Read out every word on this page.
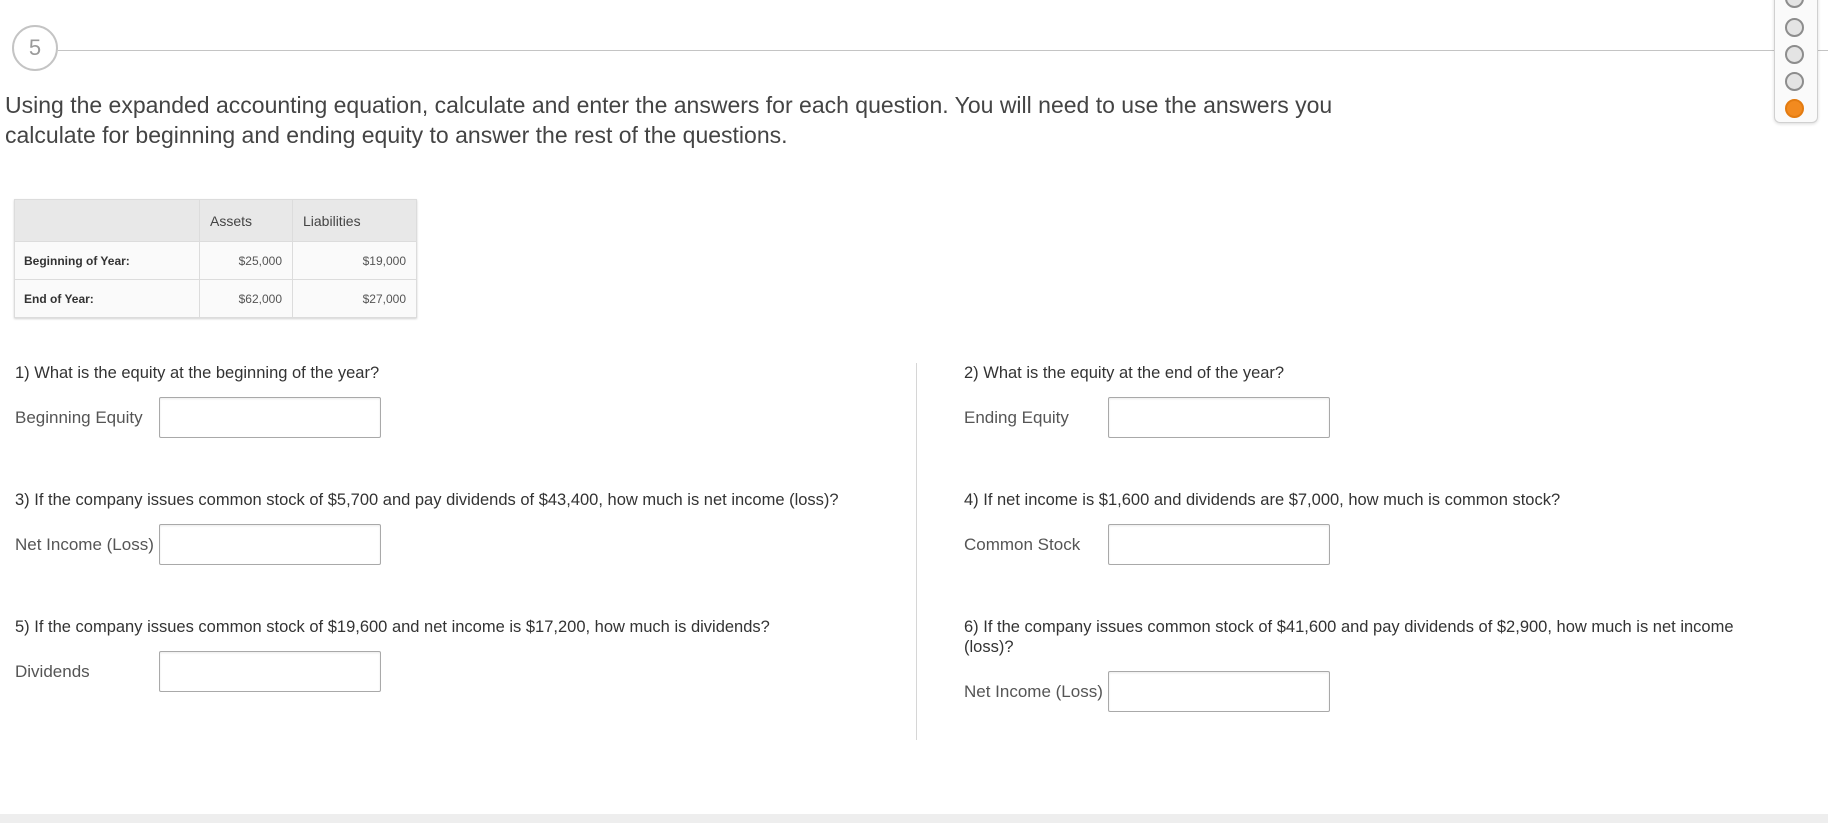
5
Using the expanded accounting equation, calculate and enter the answers for each question. You will need to use the answers you calculate for beginning and ending equity to answer the rest of the questions.
	Assets	Liabilities
Beginning of Year:	$25,000	$19,000
End of Year:	$62,000	$27,000
1) What is the equity at the beginning of the year?
Beginning Equity
2) What is the equity at the end of the year?
Ending Equity
3) If the company issues common stock of $5,700 and pay dividends of $43,400, how much is net income (loss)?
Net Income (Loss)
4) If net income is $1,600 and dividends are $7,000, how much is common stock?
Common Stock
5) If the company issues common stock of $19,600 and net income is $17,200, how much is dividends?
Dividends
6) If the company issues common stock of $41,600 and pay dividends of $2,900, how much is net income (loss)?
Net Income (Loss)
